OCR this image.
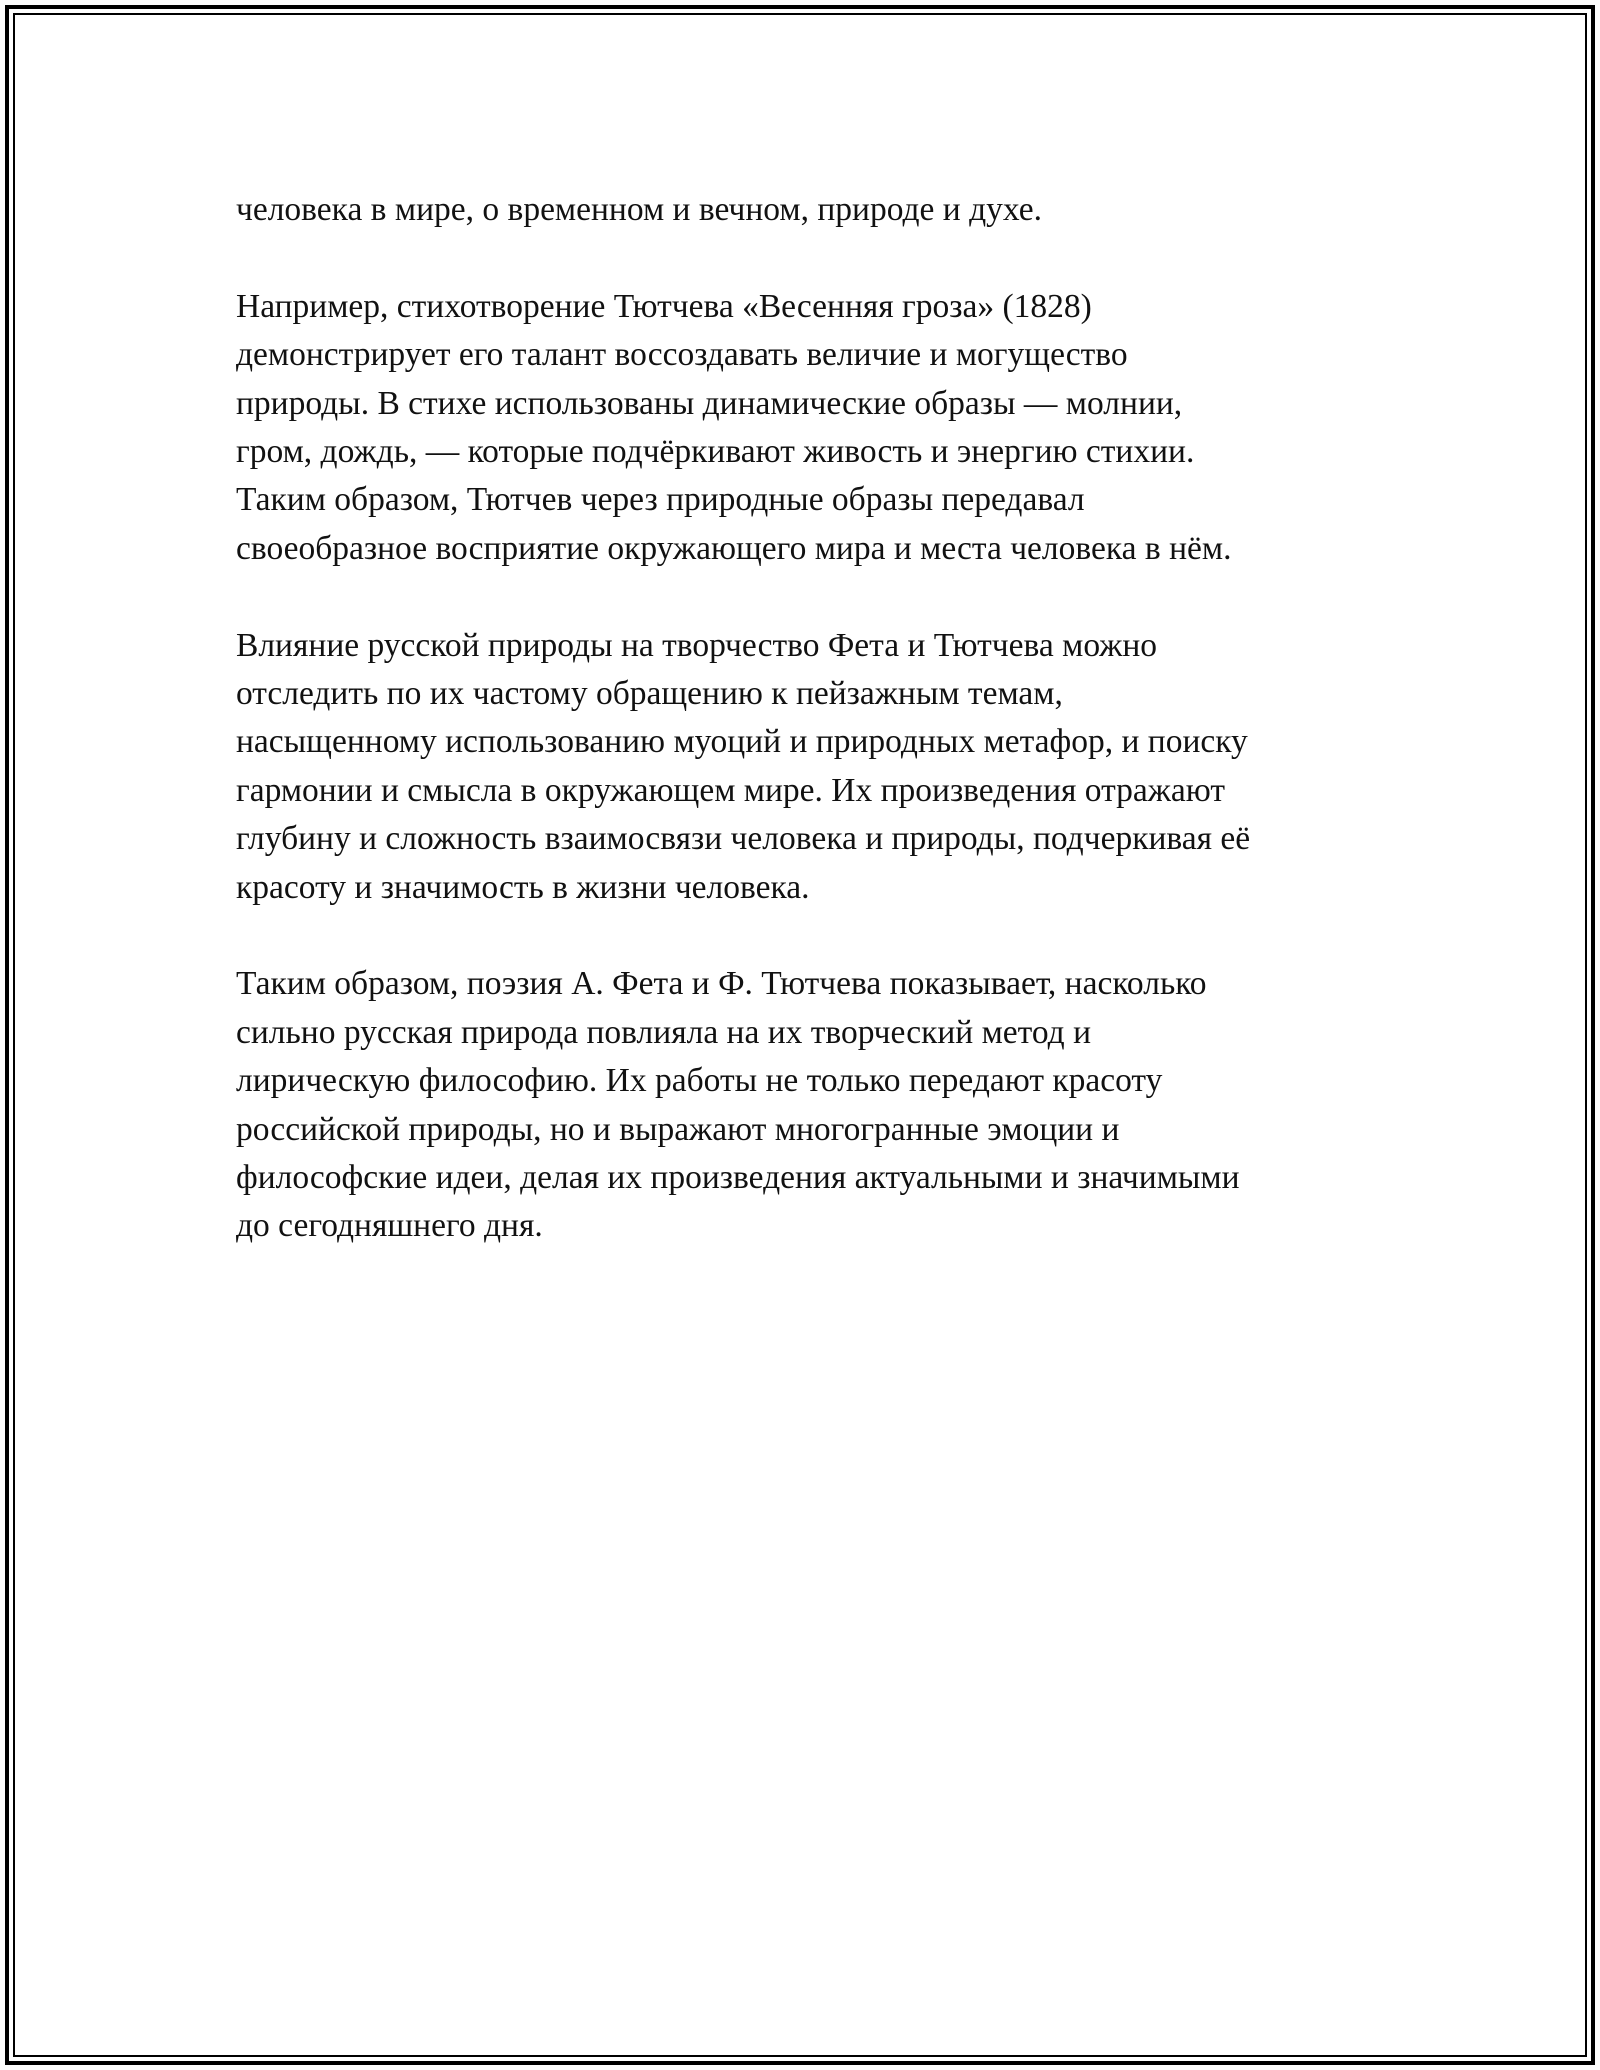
человека в мире, о временном и вечном, природе и духе.

Например, стихотворение Тютчева «Весенняя гроза» (1828)
демонстрирует его талант воссоздавать величие и могущество
природы. В стихе использованы динамические образы — молнии,
гром, дождь, — которые подчёркивают живость и энергию стихии.
Таким образом, Тютчев через природные образы передавал
своеобразное восприятие окружающего мира и места человека в нём.

Влияние русской природы на творчество Фета и Тютчева можно
отследить по их частому обращению к пейзажным темам,
насыщенному использованию муоций и природных метафор, и поиску
гармонии и смысла в окружающем мире. Их произведения отражают
глубину и сложность взаимосвязи человека и природы, подчеркивая её
красоту и значимость в жизни человека.

Таким образом, поэзия А. Фета и Ф. Тютчева показывает, насколько
сильно русская природа повлияла на их творческий метод и
лирическую философию. Их работы не только передают красоту
российской природы, но и выражают многогранные эмоции и
философские идеи, делая их произведения актуальными и значимыми
до сегодняшнего дня.
